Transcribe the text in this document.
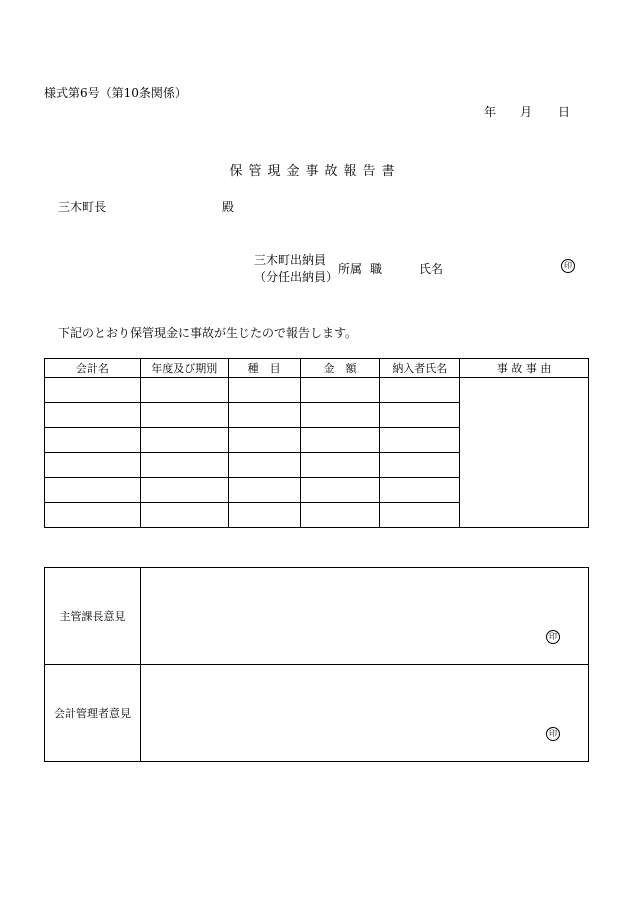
様式第6号（第10条関係）
年 月 日
保管現金事故報告書
三木町長	殿
三木町出納員
（分任出納員）
所属 職	氏名	印
下記のとおり保管現金に事故が生じたので報告します。
会計名	年度及び期別	種　目	金　額	納入者氏名	事 故 事 由

主管課長意見	印

会計管理者意見	印
